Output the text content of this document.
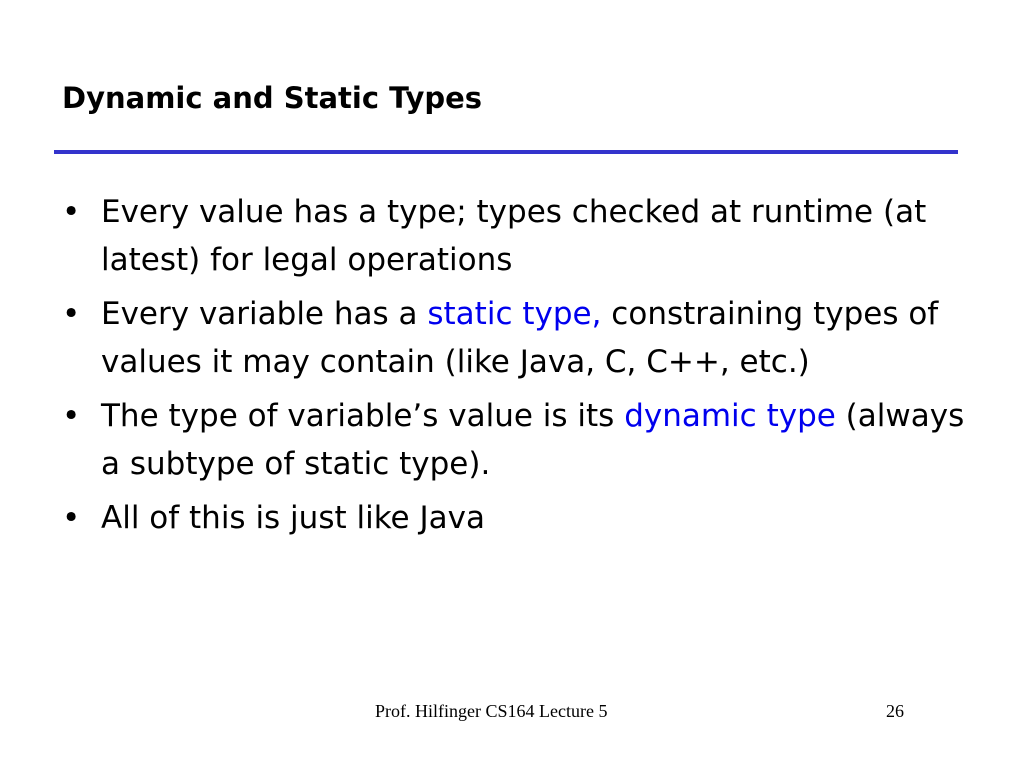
Dynamic and Static Types
• Every value has a type; types checked at runtime (at latest) for legal operations
• Every variable has a static type, constraining types of values it may contain (like Java, C, C++, etc.)
• The type of variable’s value is its dynamic type (always a subtype of static type).
• All of this is just like Java
Prof. Hilfinger CS164 Lecture 5	26
